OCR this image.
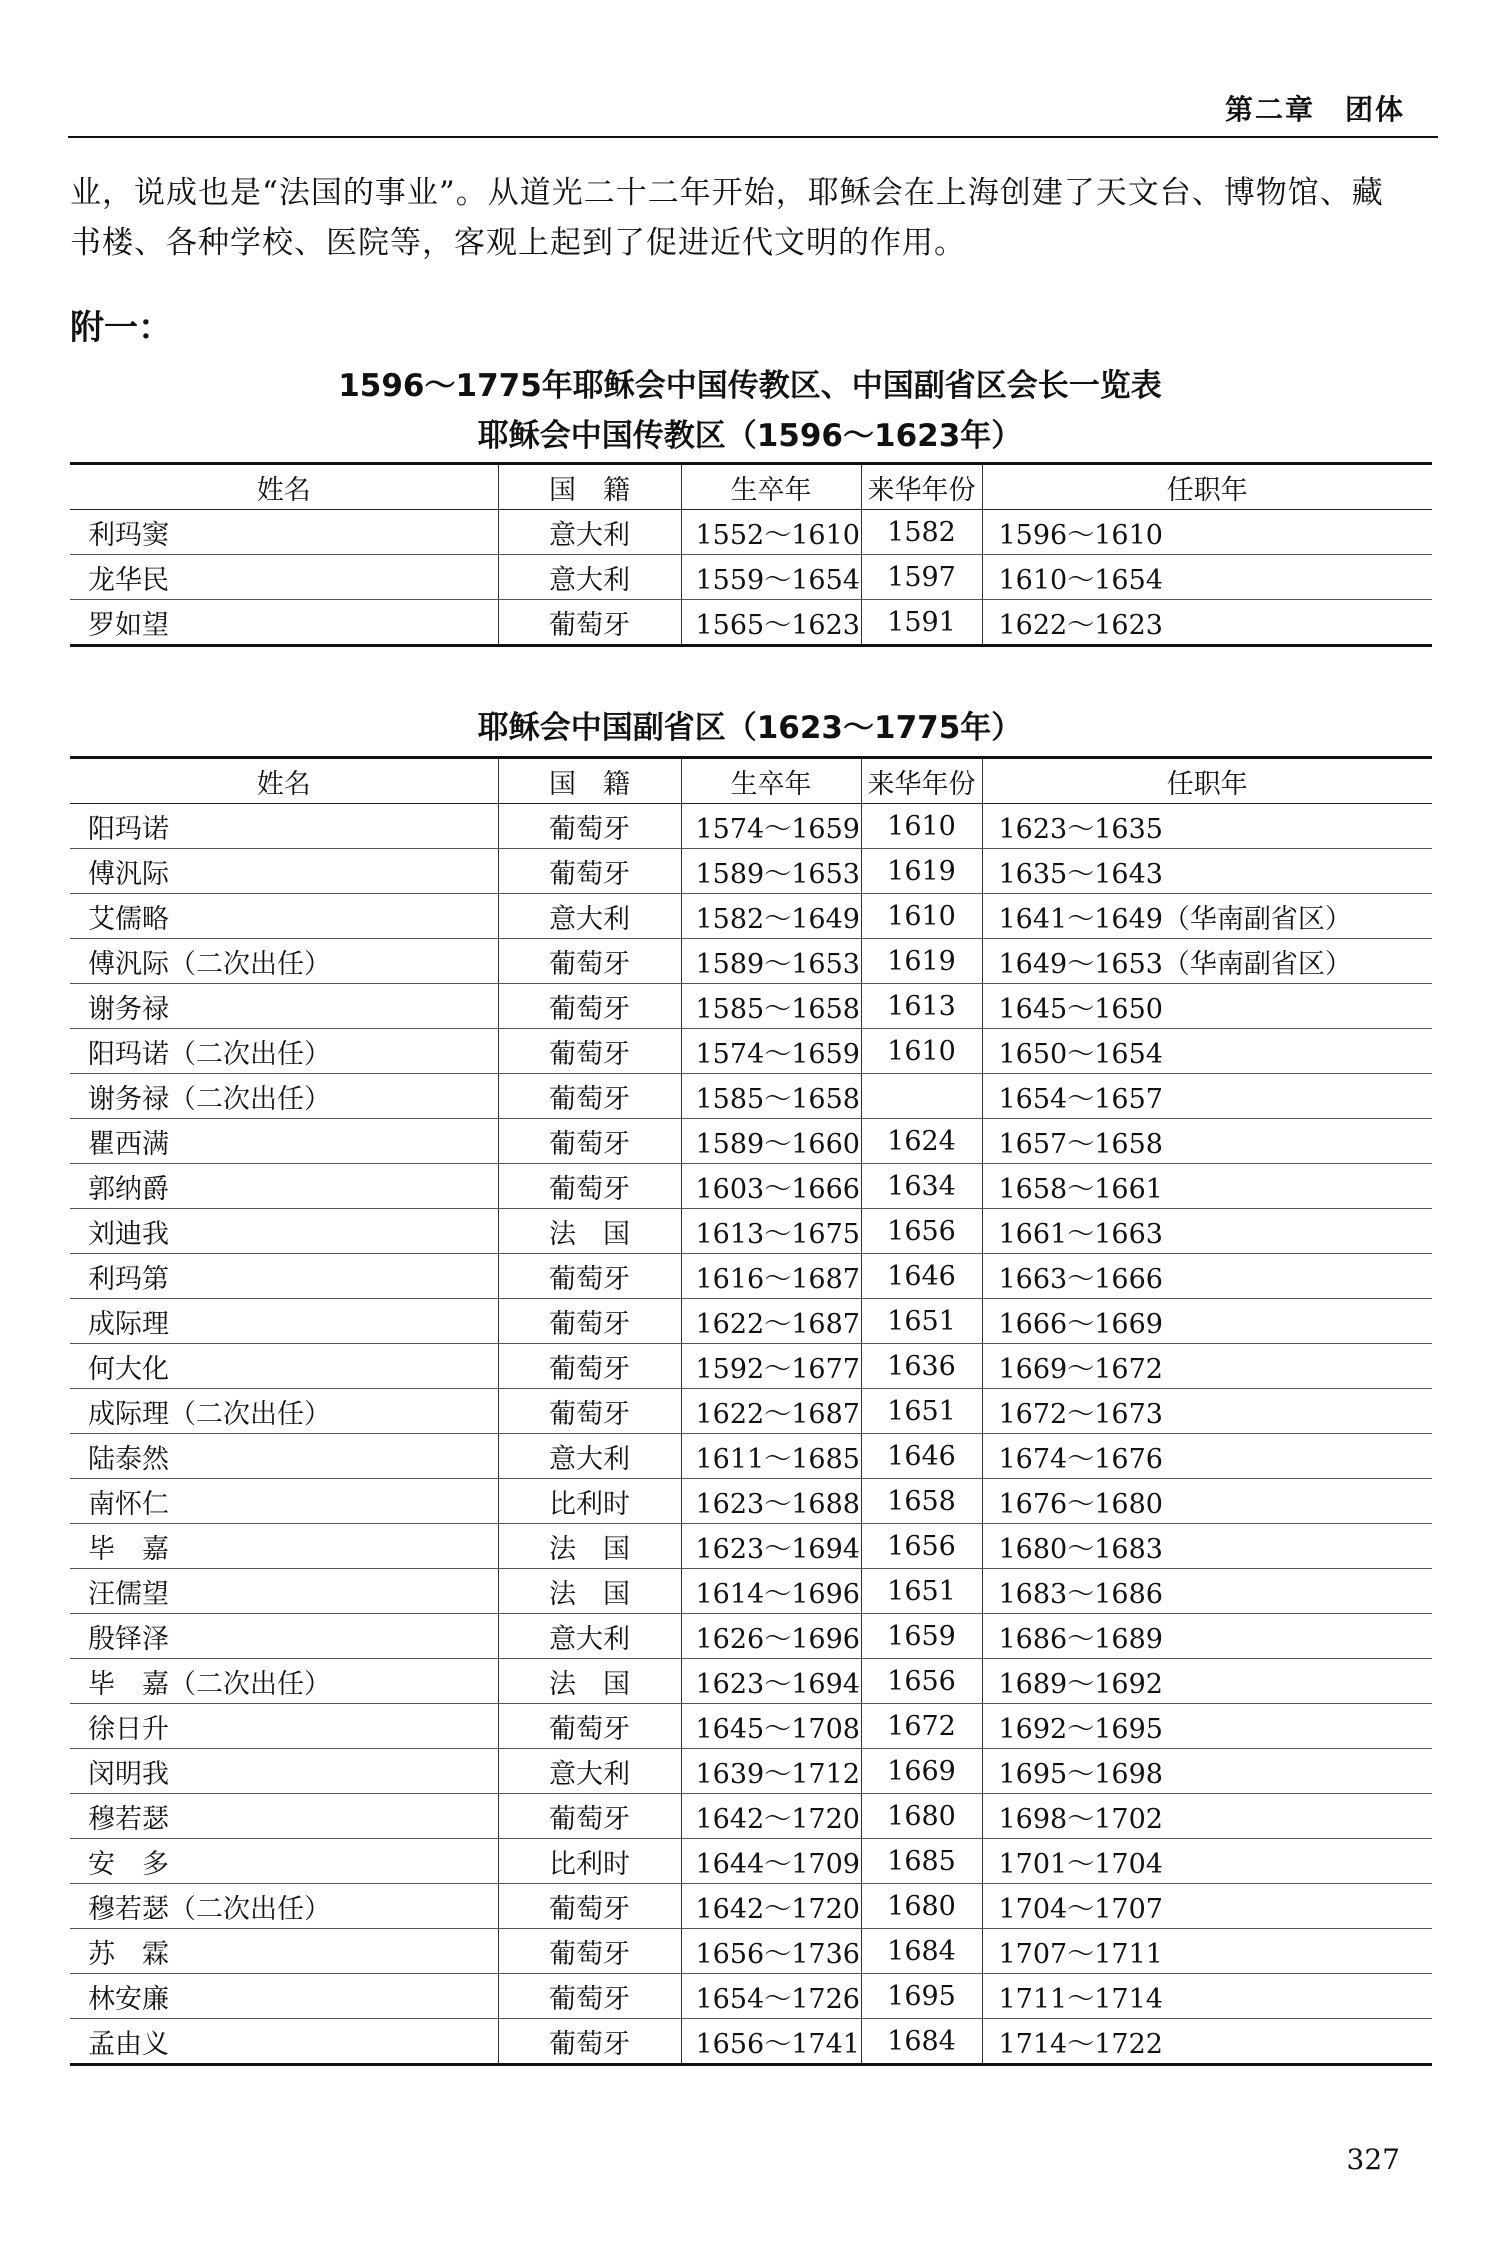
第二章　团体
业，说成也是“法国的事业”。从道光二十二年开始，耶稣会在上海创建了天文台、博物馆、藏
书楼、各种学校、医院等，客观上起到了促进近代文明的作用。
附一：
1596～1775年耶稣会中国传教区、中国副省区会长一览表
耶稣会中国传教区（1596～1623年）
姓名	国　籍	生卒年	来华年份	任职年
利玛窦	意大利	1552～1610	1582	1596～1610
龙华民	意大利	1559～1654	1597	1610～1654
罗如望	葡萄牙	1565～1623	1591	1622～1623
耶稣会中国副省区（1623～1775年）
姓名	国　籍	生卒年	来华年份	任职年
阳玛诺	葡萄牙	1574～1659	1610	1623～1635
傅汎际	葡萄牙	1589～1653	1619	1635～1643
艾儒略	意大利	1582～1649	1610	1641～1649（华南副省区）
傅汎际（二次出任）	葡萄牙	1589～1653	1619	1649～1653（华南副省区）
谢务禄	葡萄牙	1585～1658	1613	1645～1650
阳玛诺（二次出任）	葡萄牙	1574～1659	1610	1650～1654
谢务禄（二次出任）	葡萄牙	1585～1658		1654～1657
瞿西满	葡萄牙	1589～1660	1624	1657～1658
郭纳爵	葡萄牙	1603～1666	1634	1658～1661
刘迪我	法　国	1613～1675	1656	1661～1663
利玛第	葡萄牙	1616～1687	1646	1663～1666
成际理	葡萄牙	1622～1687	1651	1666～1669
何大化	葡萄牙	1592～1677	1636	1669～1672
成际理（二次出任）	葡萄牙	1622～1687	1651	1672～1673
陆泰然	意大利	1611～1685	1646	1674～1676
南怀仁	比利时	1623～1688	1658	1676～1680
毕　嘉	法　国	1623～1694	1656	1680～1683
汪儒望	法　国	1614～1696	1651	1683～1686
殷铎泽	意大利	1626～1696	1659	1686～1689
毕　嘉（二次出任）	法　国	1623～1694	1656	1689～1692
徐日升	葡萄牙	1645～1708	1672	1692～1695
闵明我	意大利	1639～1712	1669	1695～1698
穆若瑟	葡萄牙	1642～1720	1680	1698～1702
安　多	比利时	1644～1709	1685	1701～1704
穆若瑟（二次出任）	葡萄牙	1642～1720	1680	1704～1707
苏　霖	葡萄牙	1656～1736	1684	1707～1711
林安廉	葡萄牙	1654～1726	1695	1711～1714
孟由义	葡萄牙	1656～1741	1684	1714～1722
327
